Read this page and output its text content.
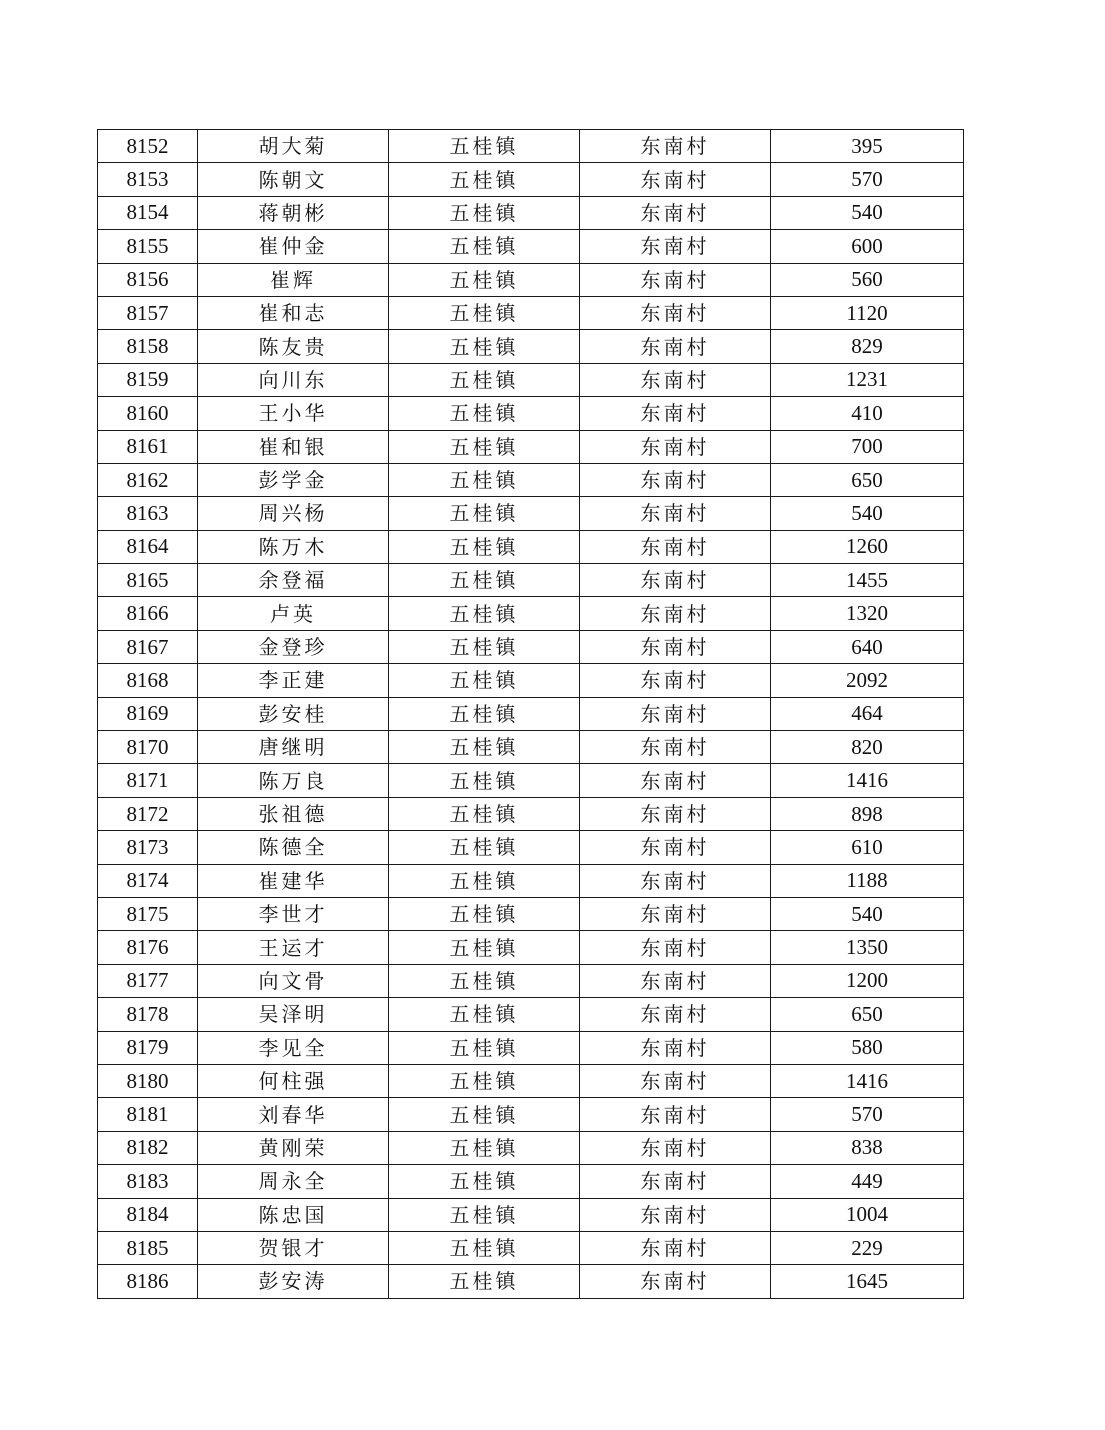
8152	胡大菊	五桂镇	东南村	395
8153	陈朝文	五桂镇	东南村	570
8154	蒋朝彬	五桂镇	东南村	540
8155	崔仲金	五桂镇	东南村	600
8156	崔辉	五桂镇	东南村	560
8157	崔和志	五桂镇	东南村	1120
8158	陈友贵	五桂镇	东南村	829
8159	向川东	五桂镇	东南村	1231
8160	王小华	五桂镇	东南村	410
8161	崔和银	五桂镇	东南村	700
8162	彭学金	五桂镇	东南村	650
8163	周兴杨	五桂镇	东南村	540
8164	陈万木	五桂镇	东南村	1260
8165	余登福	五桂镇	东南村	1455
8166	卢英	五桂镇	东南村	1320
8167	金登珍	五桂镇	东南村	640
8168	李正建	五桂镇	东南村	2092
8169	彭安桂	五桂镇	东南村	464
8170	唐继明	五桂镇	东南村	820
8171	陈万良	五桂镇	东南村	1416
8172	张祖德	五桂镇	东南村	898
8173	陈德全	五桂镇	东南村	610
8174	崔建华	五桂镇	东南村	1188
8175	李世才	五桂镇	东南村	540
8176	王运才	五桂镇	东南村	1350
8177	向文骨	五桂镇	东南村	1200
8178	吴泽明	五桂镇	东南村	650
8179	李见全	五桂镇	东南村	580
8180	何柱强	五桂镇	东南村	1416
8181	刘春华	五桂镇	东南村	570
8182	黄刚荣	五桂镇	东南村	838
8183	周永全	五桂镇	东南村	449
8184	陈忠国	五桂镇	东南村	1004
8185	贺银才	五桂镇	东南村	229
8186	彭安涛	五桂镇	东南村	1645
